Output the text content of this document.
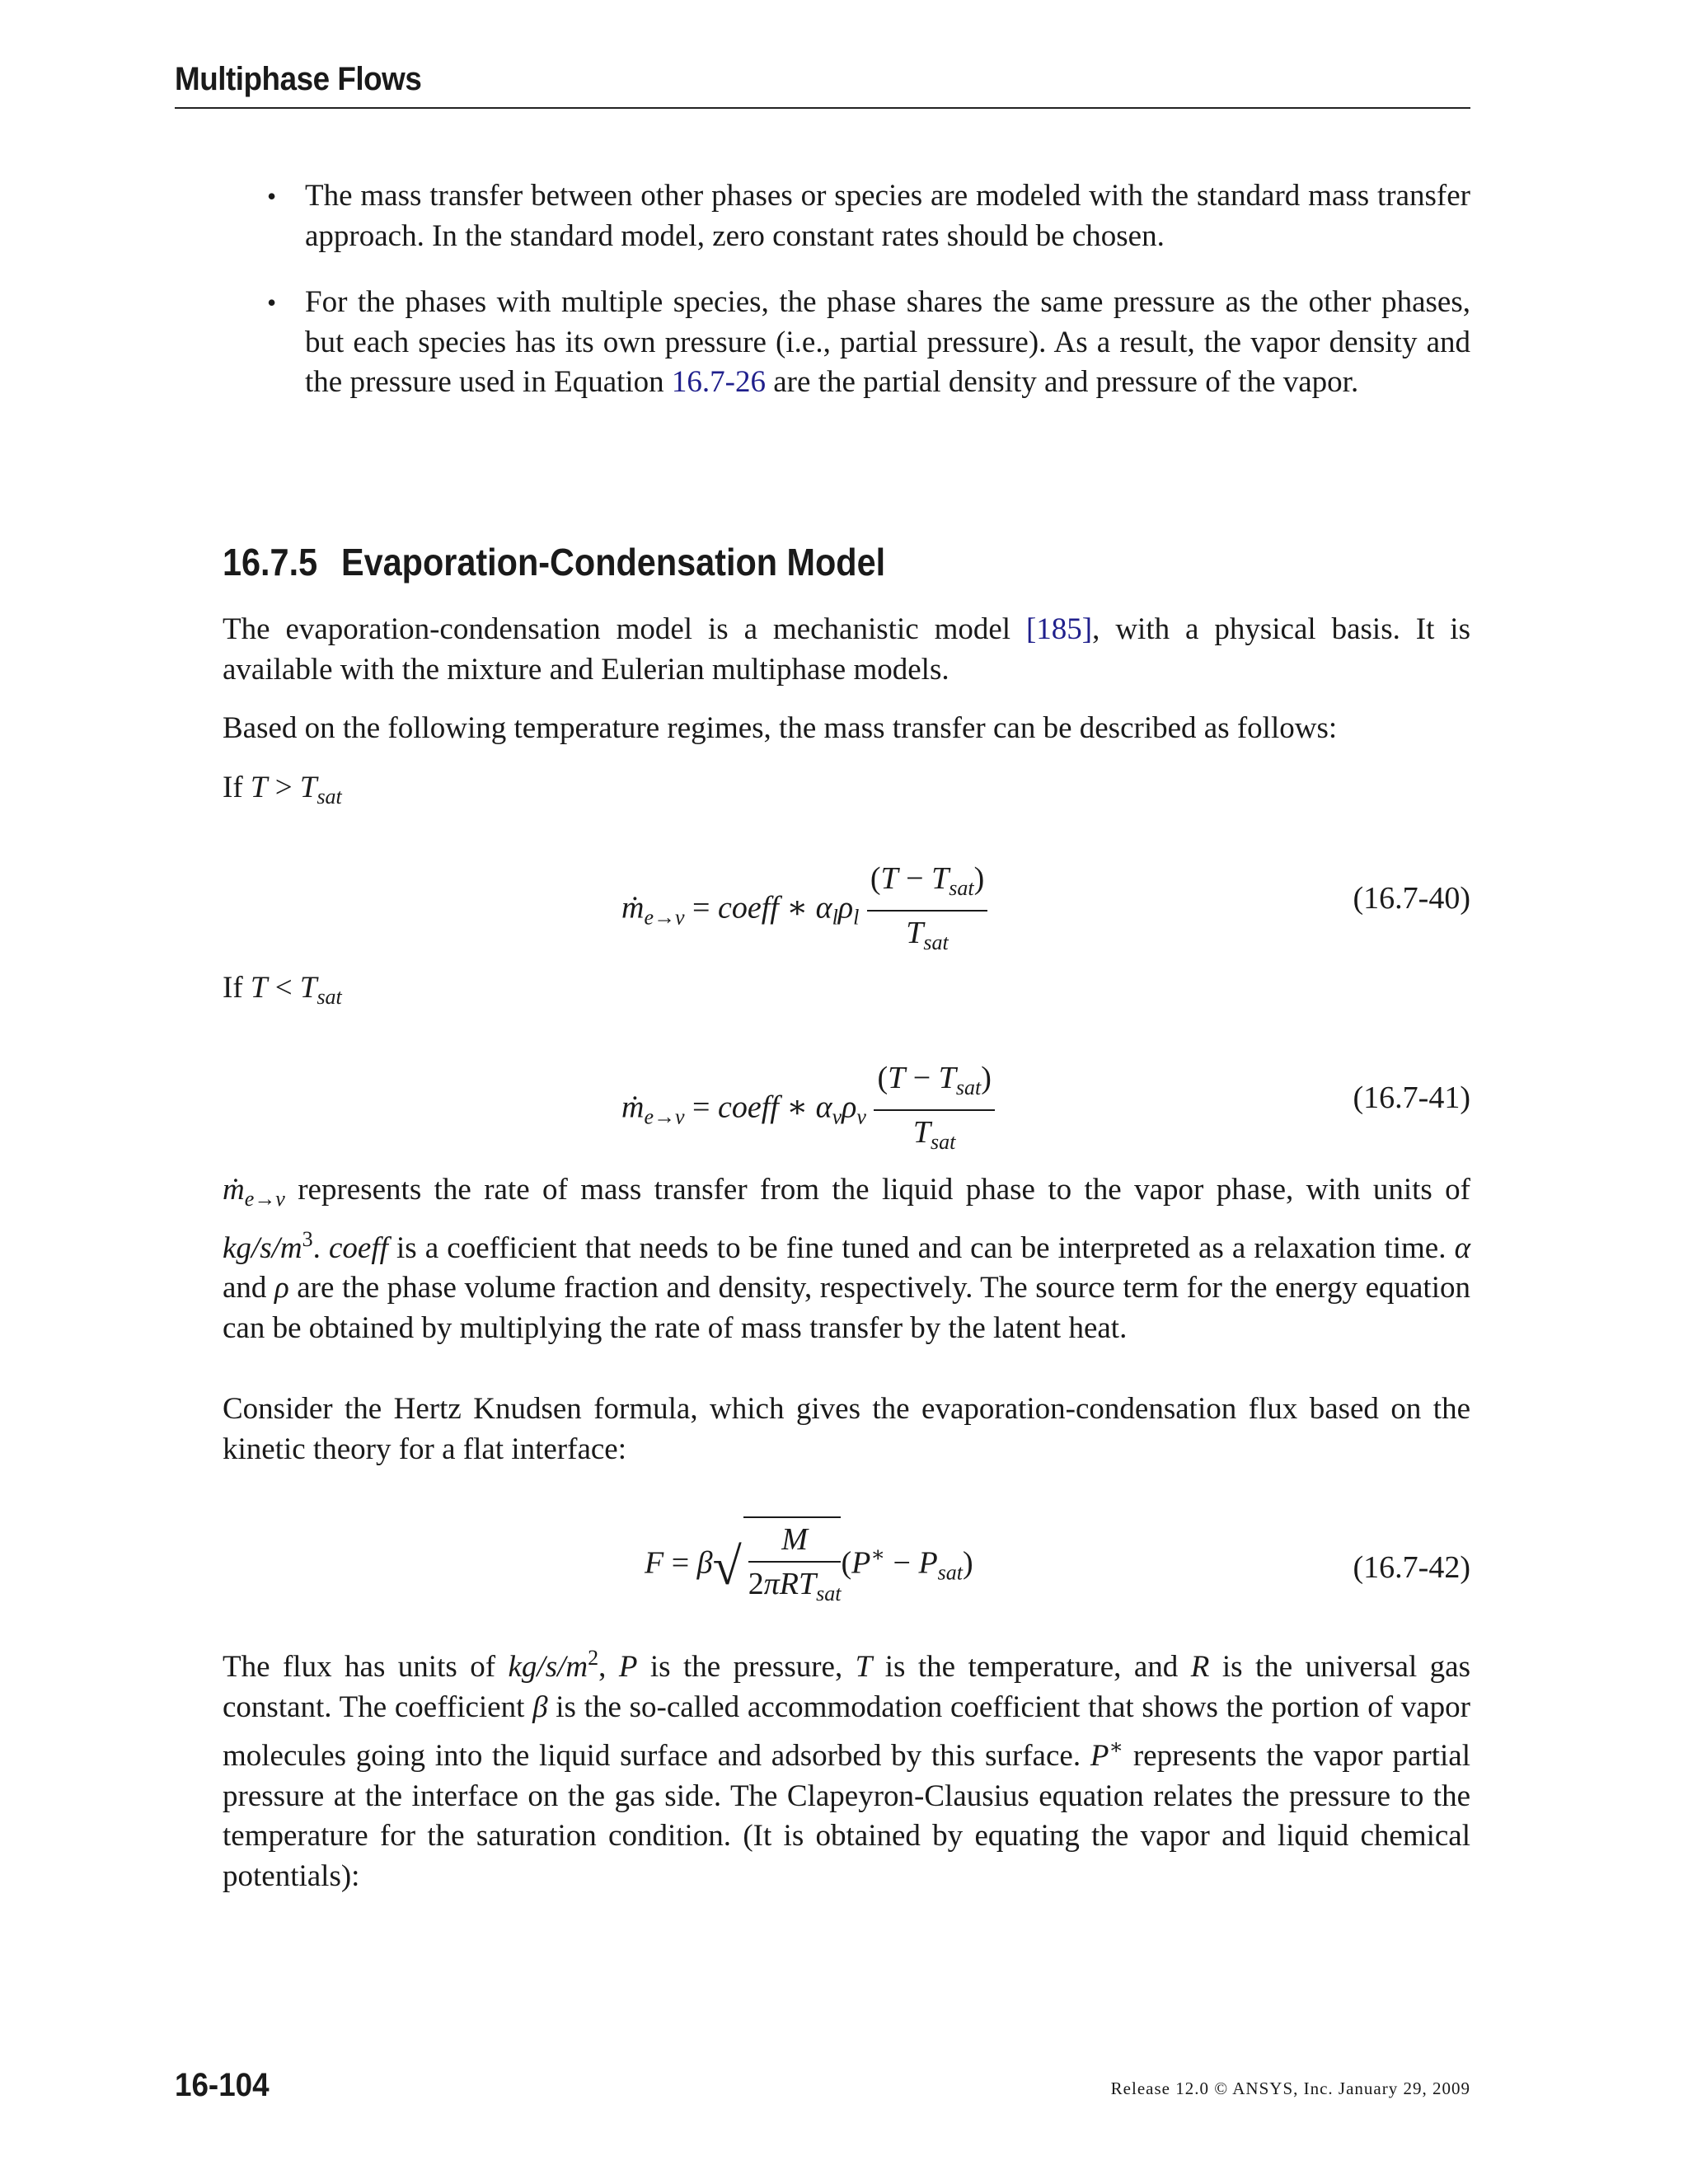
Multiphase Flows
• The mass transfer between other phases or species are modeled with the standard mass transfer approach. In the standard model, zero constant rates should be chosen.
• For the phases with multiple species, the phase shares the same pressure as the other phases, but each species has its own pressure (i.e., partial pressure). As a result, the vapor density and the pressure used in Equation 16.7-26 are the partial density and pressure of the vapor.
16.7.5 Evaporation-Condensation Model
The evaporation-condensation model is a mechanistic model [185], with a physical basis. It is available with the mixture and Eulerian multiphase models.
Based on the following temperature regimes, the mass transfer can be described as follows:
If $T > T_{sat}$
ṁ$_{e\to v}$ = coeff ∗ $\alpha_l\rho_l \frac{(T - T_{sat})}{T_{sat}}$	(16.7-40)
If $T < T_{sat}$
ṁ$_{e\to v}$ = coeff ∗ $\alpha_v\rho_v \frac{(T - T_{sat})}{T_{sat}}$	(16.7-41)
ṁ$_{e\to v}$ represents the rate of mass transfer from the liquid phase to the vapor phase, with units of $kg/s/m^3$. coeff is a coefficient that needs to be fine tuned and can be interpreted as a relaxation time. α and ρ are the phase volume fraction and density, respectively. The source term for the energy equation can be obtained by multiplying the rate of mass transfer by the latent heat.
Consider the Hertz Knudsen formula, which gives the evaporation-condensation flux based on the kinetic theory for a flat interface:
$F = \beta√ \frac{M}{2\pi RT_{sat}} (P^∗ - P_{sat})$	(16.7-42)
The flux has units of $kg/s/m^2$, P is the pressure, T is the temperature, and R is the universal gas constant. The coefficient β is the so-called accommodation coefficient that shows the portion of vapor molecules going into the liquid surface and adsorbed by this surface. P∗ represents the vapor partial pressure at the interface on the gas side. The Clapeyron-Clausius equation relates the pressure to the temperature for the saturation condition. (It is obtained by equating the vapor and liquid chemical potentials):
16-104	Release 12.0 © ANSYS, Inc. January 29, 2009
